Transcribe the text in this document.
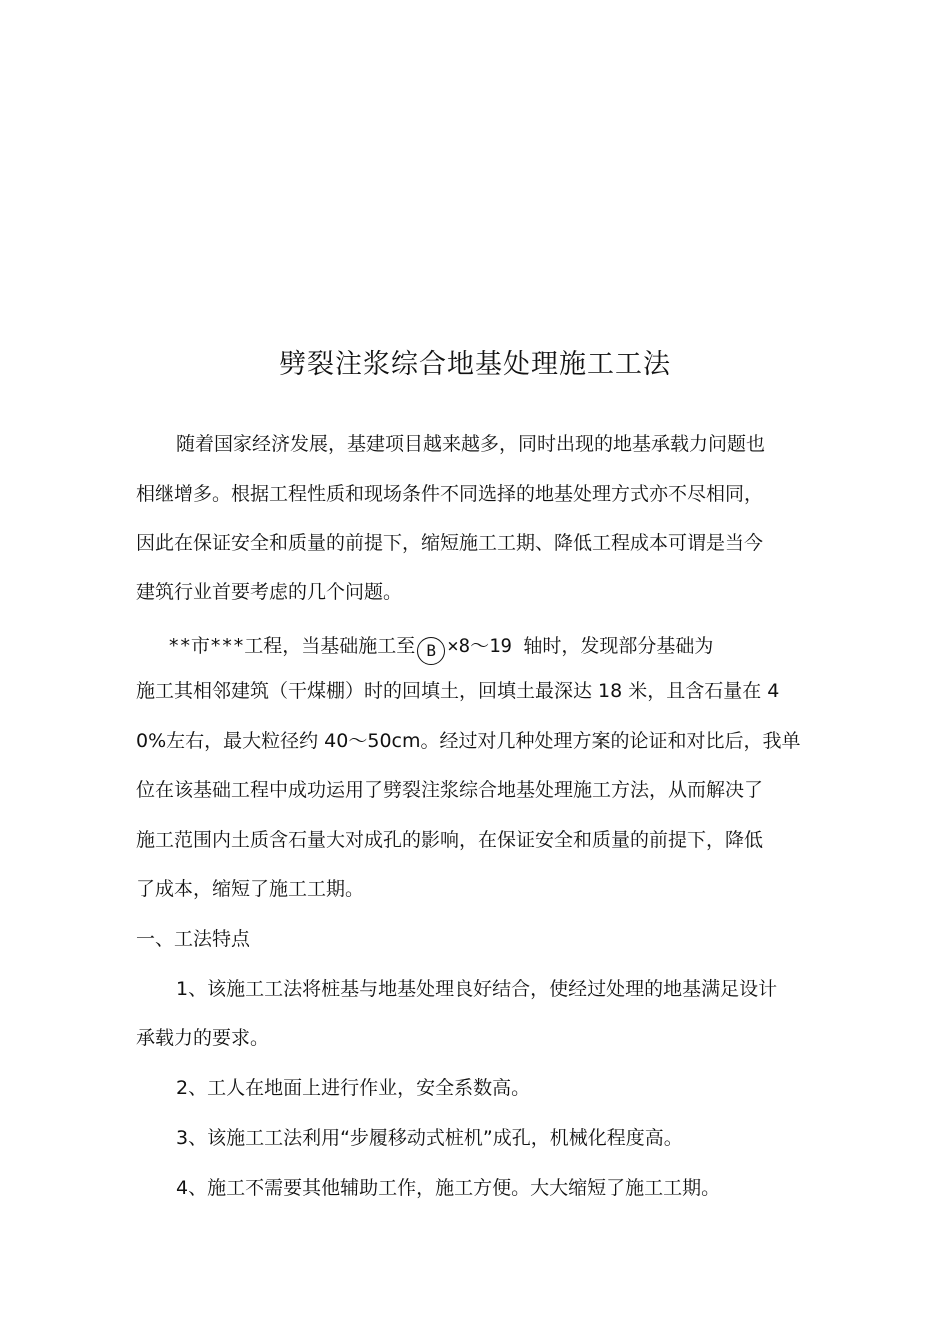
劈裂注浆综合地基处理施工工法
随着国家经济发展，基建项目越来越多，同时出现的地基承载力问题也
相继增多。根据工程性质和现场条件不同选择的地基处理方式亦不尽相同，
因此在保证安全和质量的前提下，缩短施工工期、降低工程成本可谓是当今
建筑行业首要考虑的几个问题。
**市***工程，当基础施工至 B ×8～19 轴时，发现部分基础为
施工其相邻建筑（干煤棚）时的回填土，回填土最深达 18 米，且含石量在 4
0%左右，最大粒径约 40～50cm。经过对几种处理方案的论证和对比后，我单
位在该基础工程中成功运用了劈裂注浆综合地基处理施工方法，从而解决了
施工范围内土质含石量大对成孔的影响，在保证安全和质量的前提下，降低
了成本，缩短了施工工期。
一、工法特点
1、该施工工法将桩基与地基处理良好结合，使经过处理的地基满足设计
承载力的要求。
2、工人在地面上进行作业，安全系数高。
3、该施工工法利用“步履移动式桩机”成孔，机械化程度高。
4、施工不需要其他辅助工作，施工方便。大大缩短了施工工期。
